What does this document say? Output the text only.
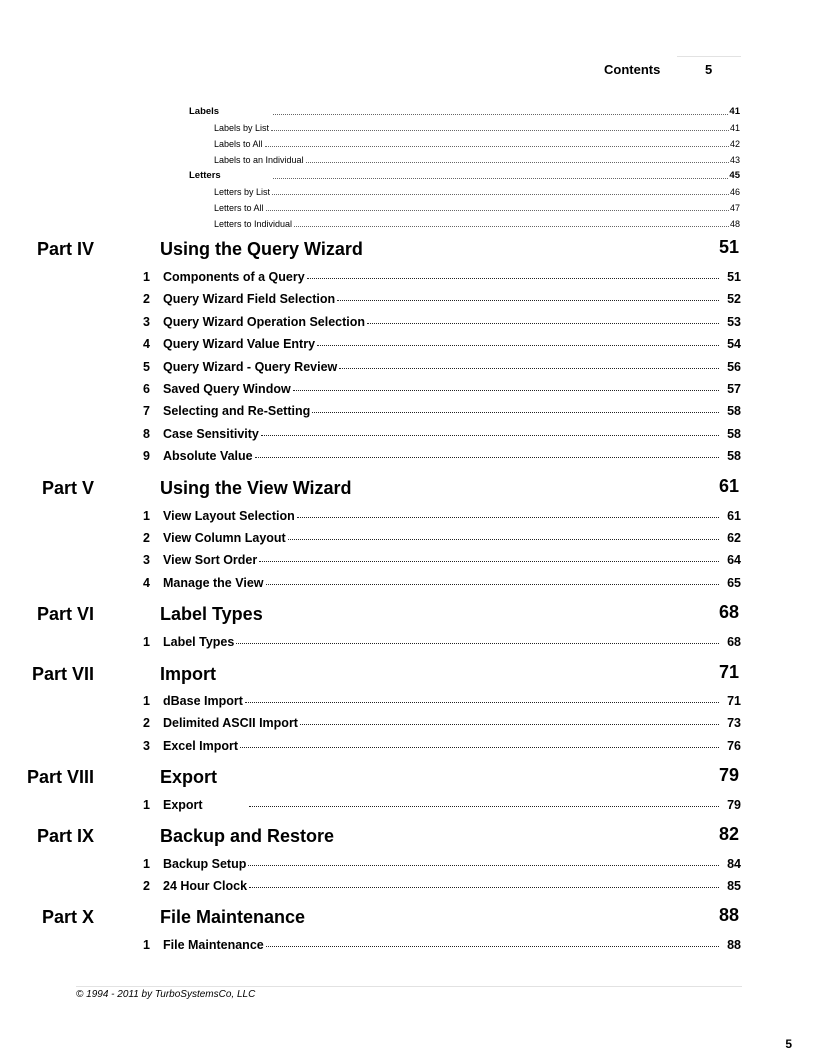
Contents	5
Labels	41
Labels by List	41
Labels to All	42
Labels to an Individual	43
Letters	45
Letters by List	46
Letters to All	47
Letters to Individual	48
Part IV	Using the Query Wizard	51
1 Components of a Query	51
2 Query Wizard Field Selection	52
3 Query Wizard Operation Selection	53
4 Query Wizard Value Entry	54
5 Query Wizard - Query Review	56
6 Saved Query Window	57
7 Selecting and Re-Setting	58
8 Case Sensitivity	58
9 Absolute Value	58
Part V	Using the View Wizard	61
1 View Layout Selection	61
2 View Column Layout	62
3 View Sort Order	64
4 Manage the View	65
Part VI	Label Types	68
1 Label Types	68
Part VII	Import	71
1 dBase Import	71
2 Delimited ASCII Import	73
3 Excel Import	76
Part VIII	Export	79
1 Export	79
Part IX	Backup and Restore	82
1 Backup Setup	84
2 24 Hour Clock	85
Part X	File Maintenance	88
1 File Maintenance	88
© 1994 - 2011 by TurboSystemsCo, LLC
5
